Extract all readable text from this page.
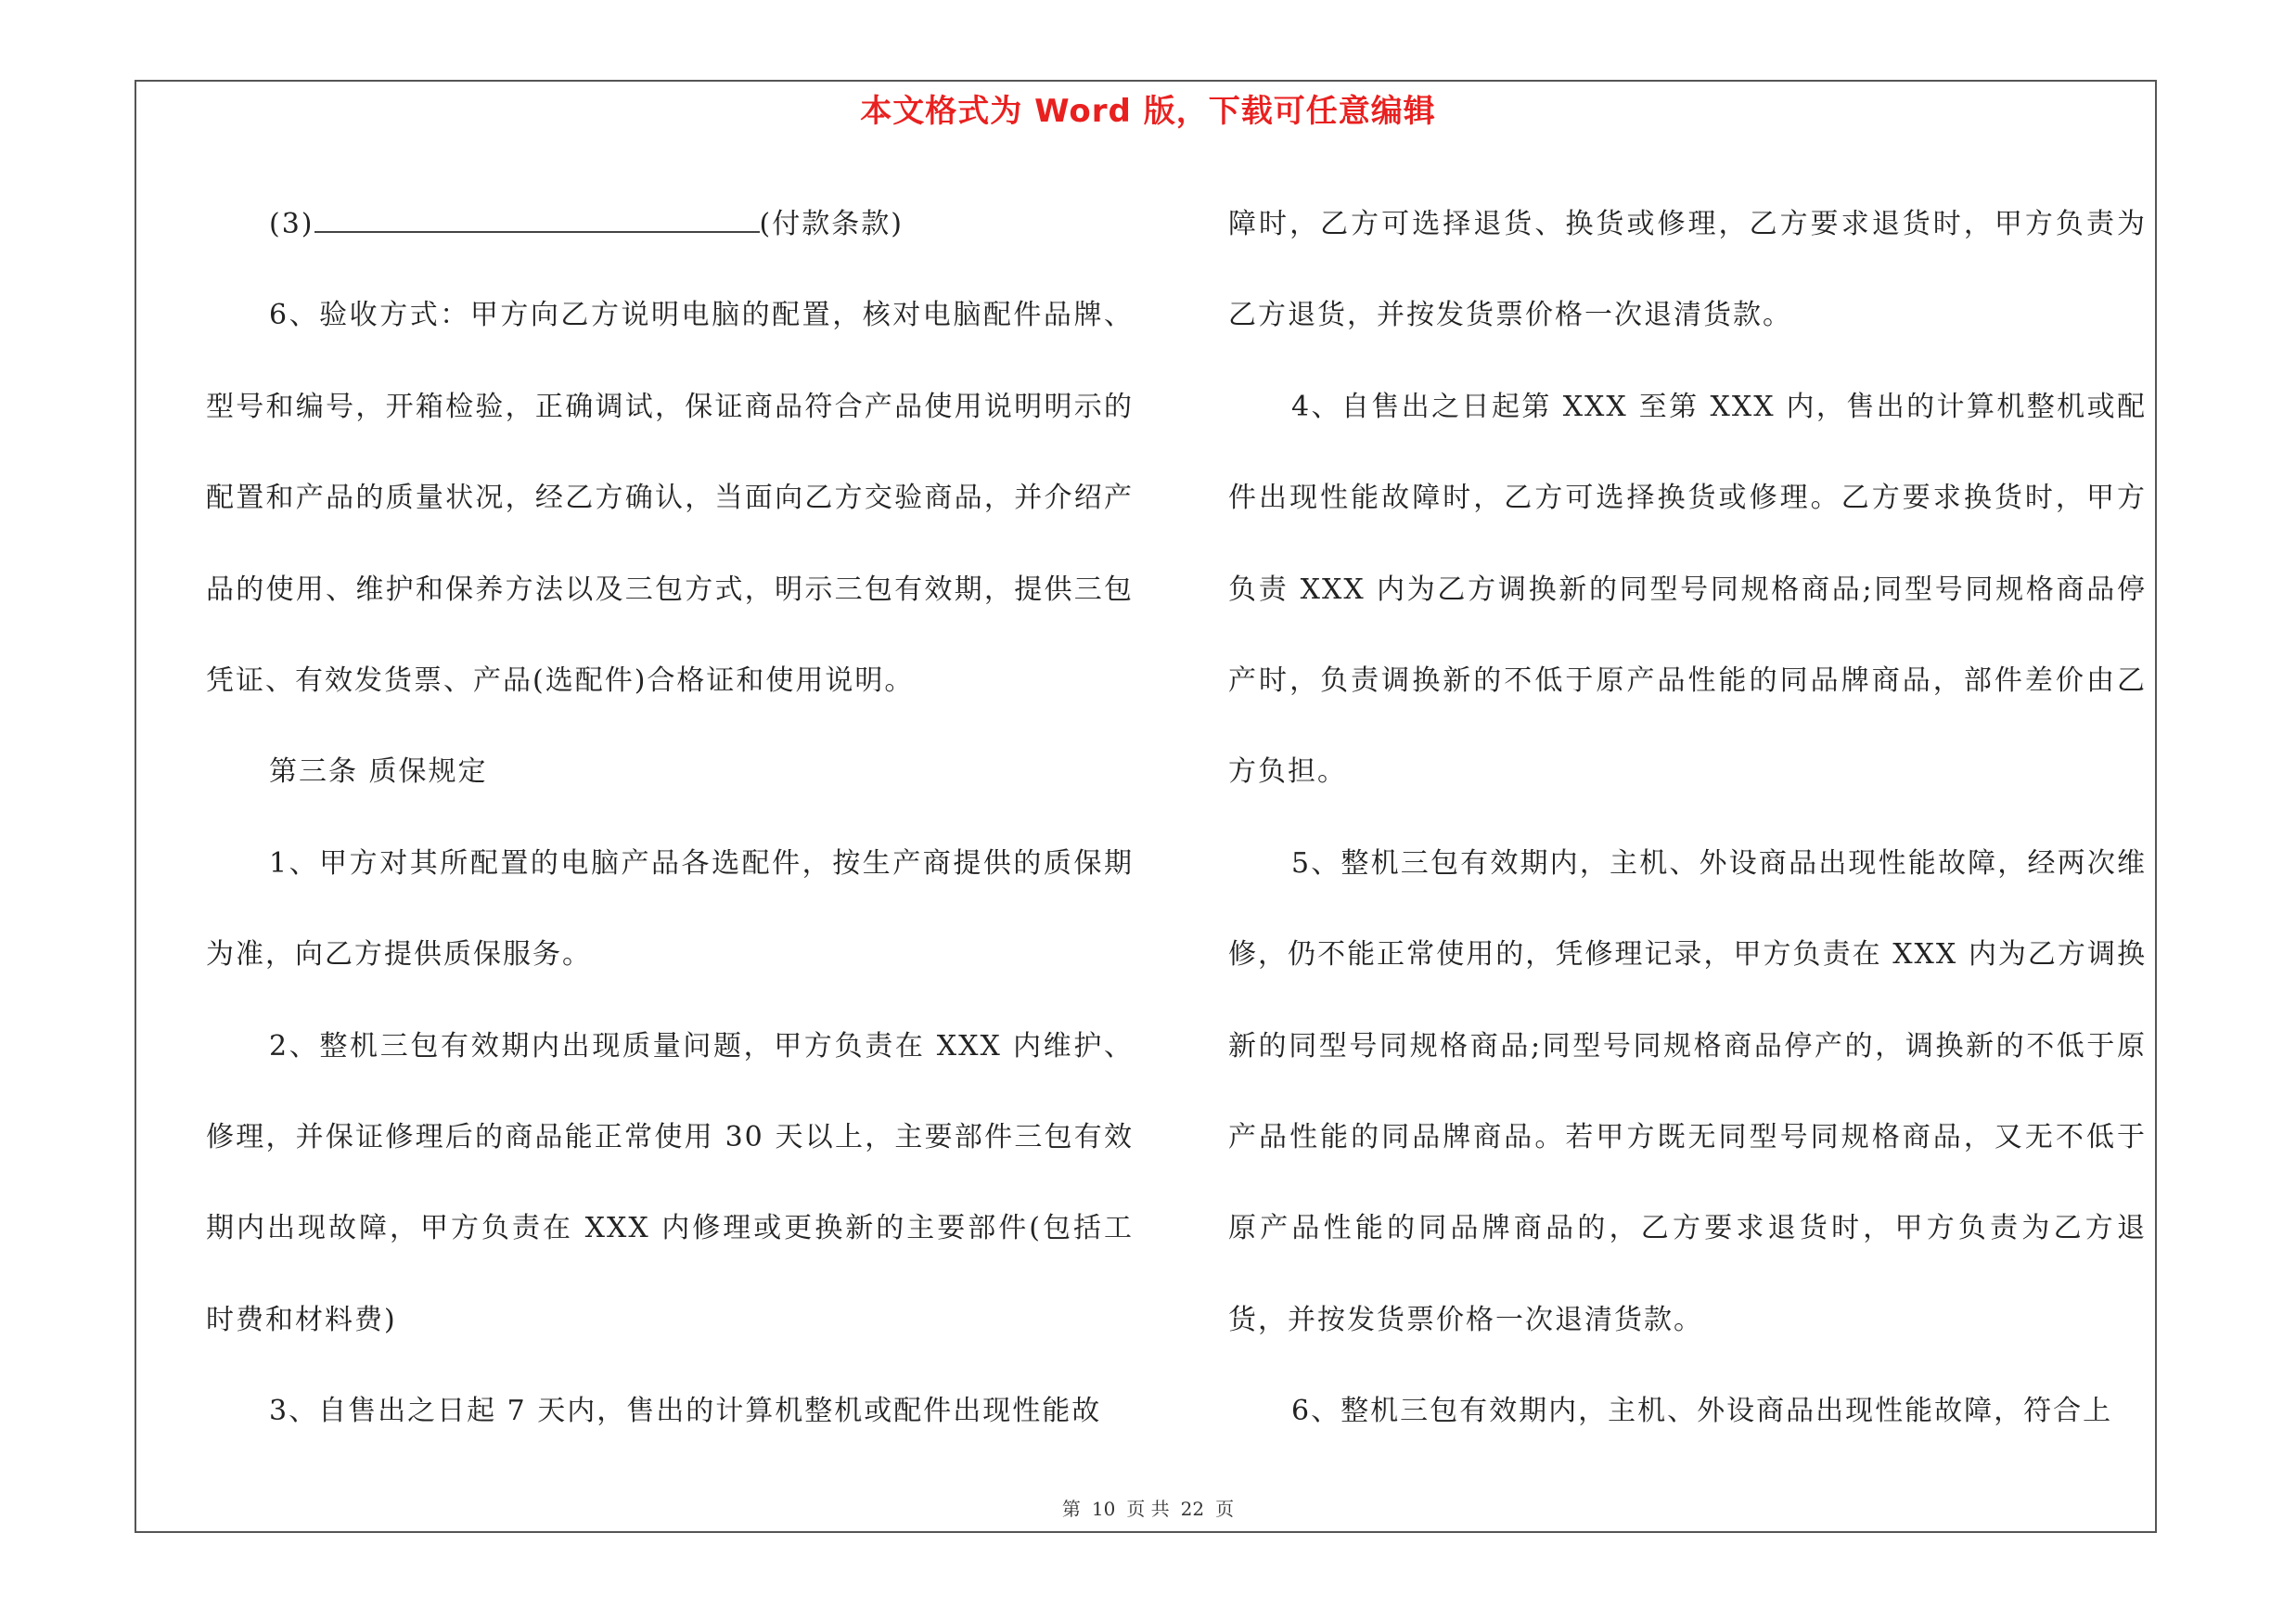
本文格式为 Word 版，下载可任意编辑

(3)	(付款条款)

6、验收方式：甲方向乙方说明电脑的配置，核对电脑配件品牌、型号和编号，开箱检验，正确调试，保证商品符合产品使用说明明示的配置和产品的质量状况，经乙方确认，当面向乙方交验商品，并介绍产品的使用、维护和保养方法以及三包方式，明示三包有效期，提供三包凭证、有效发货票、产品(选配件)合格证和使用说明。

第三条 质保规定

1、甲方对其所配置的电脑产品各选配件，按生产商提供的质保期为准，向乙方提供质保服务。

2、整机三包有效期内出现质量问题，甲方负责在 XXX 内维护、修理，并保证修理后的商品能正常使用 30 天以上，主要部件三包有效期内出现故障，甲方负责在 XXX 内修理或更换新的主要部件(包括工时费和材料费)

3、自售出之日起 7 天内，售出的计算机整机或配件出现性能故

障时，乙方可选择退货、换货或修理，乙方要求退货时，甲方负责为乙方退货，并按发货票价格一次退清货款。

4、自售出之日起第 XXX 至第 XXX 内，售出的计算机整机或配件出现性能故障时，乙方可选择换货或修理。乙方要求换货时，甲方负责 XXX 内为乙方调换新的同型号同规格商品;同型号同规格商品停产时，负责调换新的不低于原产品性能的同品牌商品，部件差价由乙方负担。

5、整机三包有效期内，主机、外设商品出现性能故障，经两次维修，仍不能正常使用的，凭修理记录，甲方负责在 XXX 内为乙方调换新的同型号同规格商品;同型号同规格商品停产的，调换新的不低于原产品性能的同品牌商品。若甲方既无同型号同规格商品，又无不低于原产品性能的同品牌商品的，乙方要求退货时，甲方负责为乙方退货，并按发货票价格一次退清货款。

6、整机三包有效期内，主机、外设商品出现性能故障，符合上

第 10 页 共 22 页
